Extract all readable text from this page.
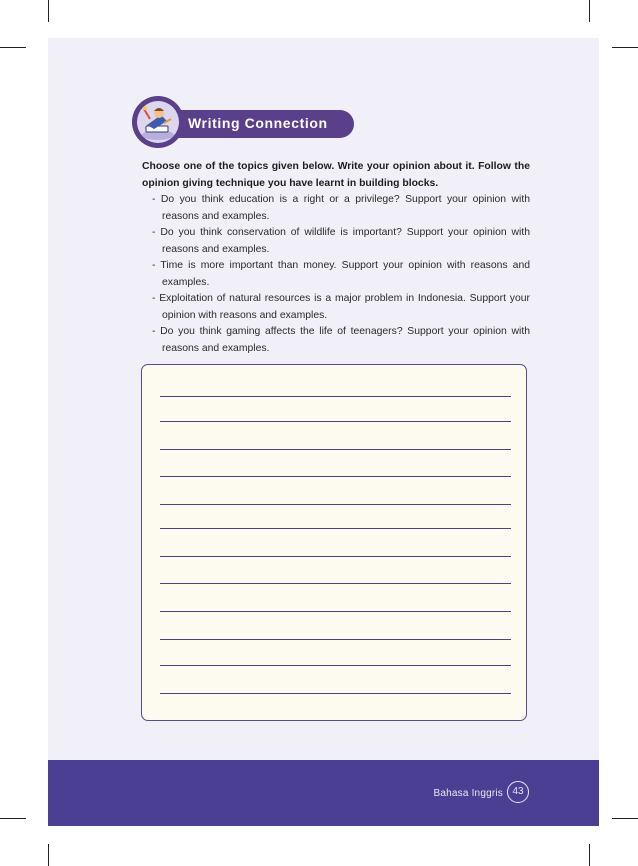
Writing Connection
Choose one of the topics given below. Write your opinion about it. Follow the opinion giving technique you have learnt in building blocks.
- Do you think education is a right or a privilege? Support your opinion with reasons and examples.
- Do you think conservation of wildlife is important? Support your opinion with reasons and examples.
- Time is more important than money. Support your opinion with reasons and examples.
- Exploitation of natural resources is a major problem in Indonesia. Support your opinion with reasons and examples.
- Do you think gaming affects the life of teenagers? Support your opinion with reasons and examples.
Bahasa Inggris 43
